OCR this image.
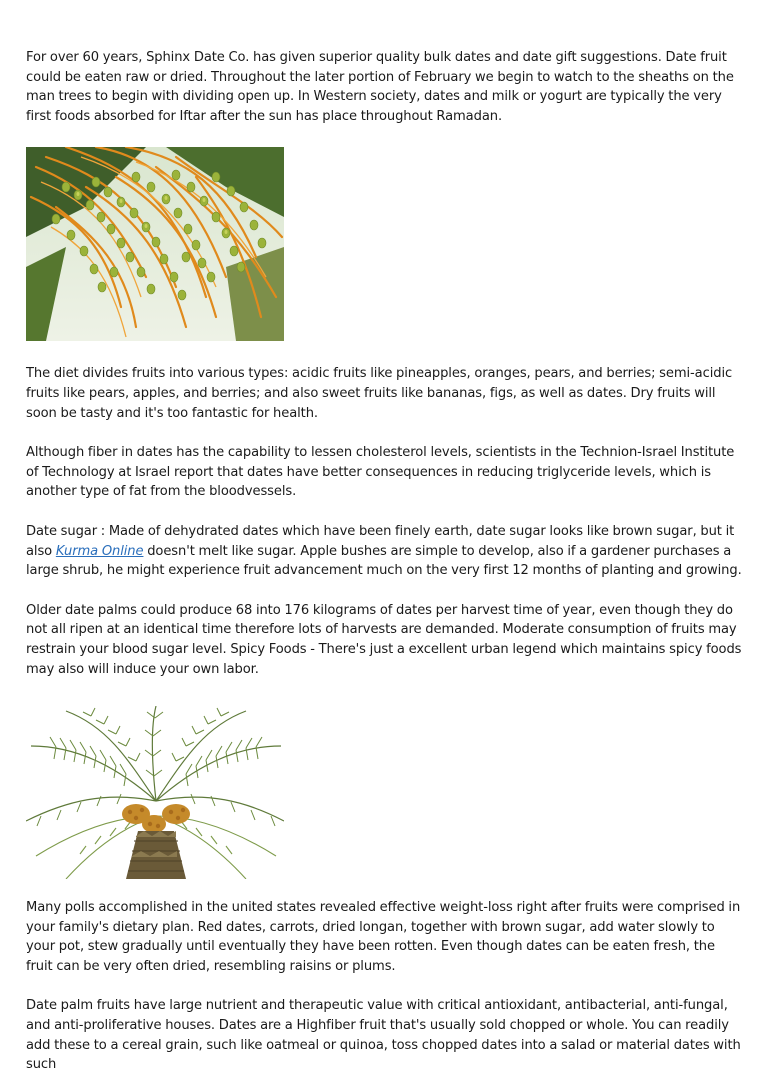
For over 60 years, Sphinx Date Co. has given superior quality bulk dates and date gift suggestions. Date fruit could be eaten raw or dried. Throughout the later portion of February we begin to watch to the sheaths on the man trees to begin with dividing open up. In Western society, dates and milk or yogurt are typically the very first foods absorbed for Iftar after the sun has place throughout Ramadan.

The diet divides fruits into various types: acidic fruits like pineapples, oranges, pears, and berries; semi-acidic fruits like pears, apples, and berries; and also sweet fruits like bananas, figs, as well as dates. Dry fruits will soon be tasty and it's too fantastic for health.

Although fiber in dates has the capability to lessen cholesterol levels, scientists in the Technion-Israel Institute of Technology at Israel report that dates have better consequences in reducing triglyceride levels, which is another type of fat from the bloodvessels.

Date sugar : Made of dehydrated dates which have been finely earth, date sugar looks like brown sugar, but it also Kurma Online doesn't melt like sugar. Apple bushes are simple to develop, also if a gardener purchases a large shrub, he might experience fruit advancement much on the very first 12 months of planting and growing.

Older date palms could produce 68 into 176 kilograms of dates per harvest time of year, even though they do not all ripen at an identical time therefore lots of harvests are demanded. Moderate consumption of fruits may restrain your blood sugar level. Spicy Foods - There's just a excellent urban legend which maintains spicy foods may also will induce your own labor.

Many polls accomplished in the united states revealed effective weight-loss right after fruits were comprised in your family's dietary plan. Red dates, carrots, dried longan, together with brown sugar, add water slowly to your pot, stew gradually until eventually they have been rotten. Even though dates can be eaten fresh, the fruit can be very often dried, resembling raisins or plums.

Date palm fruits have large nutrient and therapeutic value with critical antioxidant, antibacterial, anti-fungal, and anti-proliferative houses. Dates are a Highfiber fruit that's usually sold chopped or whole. You can readily add these to a cereal grain, such like oatmeal or quinoa, toss chopped dates into a salad or material dates with such
